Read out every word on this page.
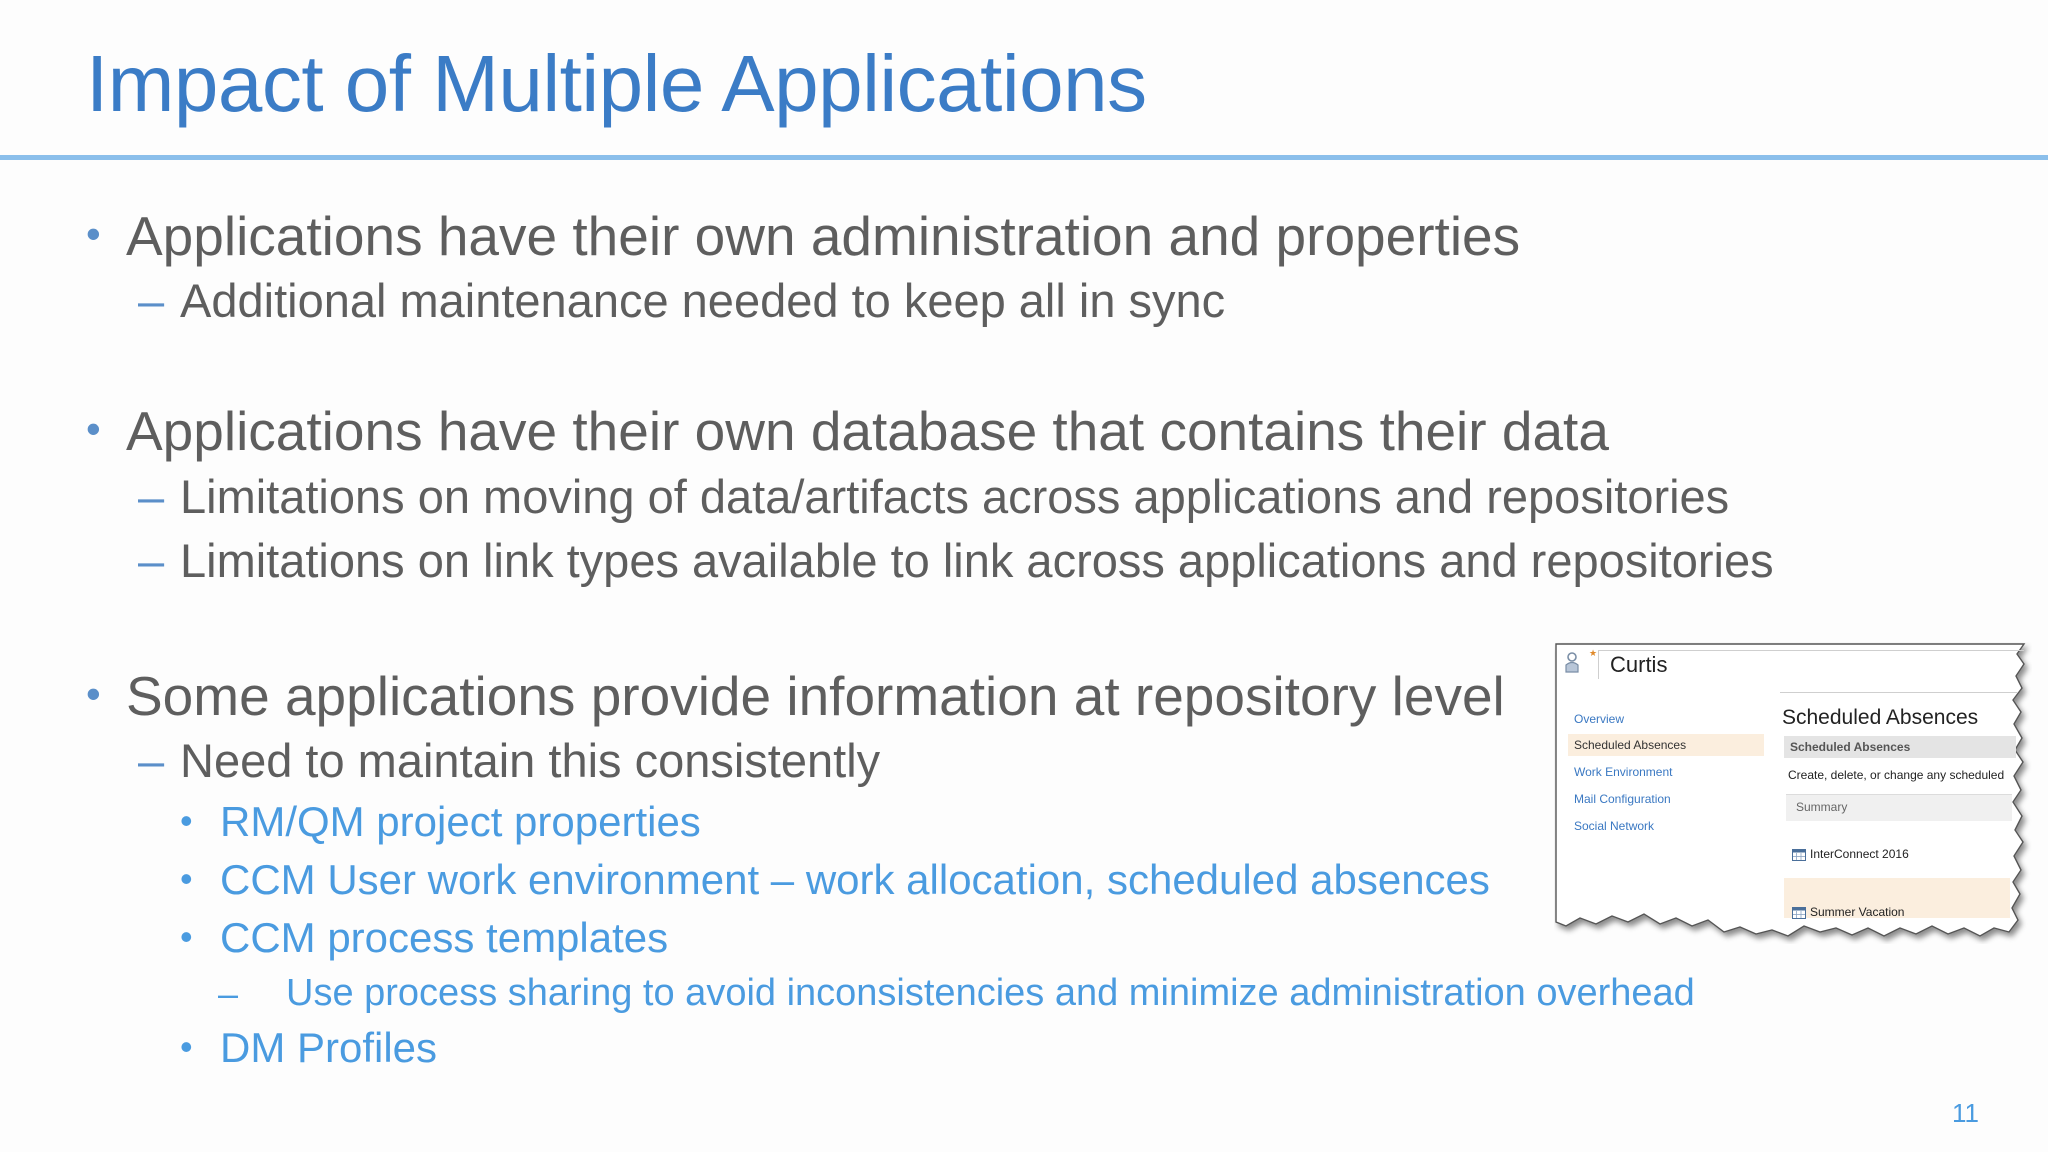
Impact of Multiple Applications
• Applications have their own administration and properties
– Additional maintenance needed to keep all in sync
• Applications have their own database that contains their data
– Limitations on moving of data/artifacts across applications and repositories
– Limitations on link types available to link across applications and repositories
• Some applications provide information at repository level
– Need to maintain this consistently
• RM/QM project properties
• CCM User work environment – work allocation, scheduled absences
• CCM process templates
– Use process sharing to avoid inconsistencies and minimize administration overhead
• DM Profiles
★ Curtis
Overview
Scheduled Absences
Work Environment
Mail Configuration
Social Network
Scheduled Absences
Scheduled Absences
Create, delete, or change any scheduled
Summary
InterConnect 2016
Summer Vacation
11
